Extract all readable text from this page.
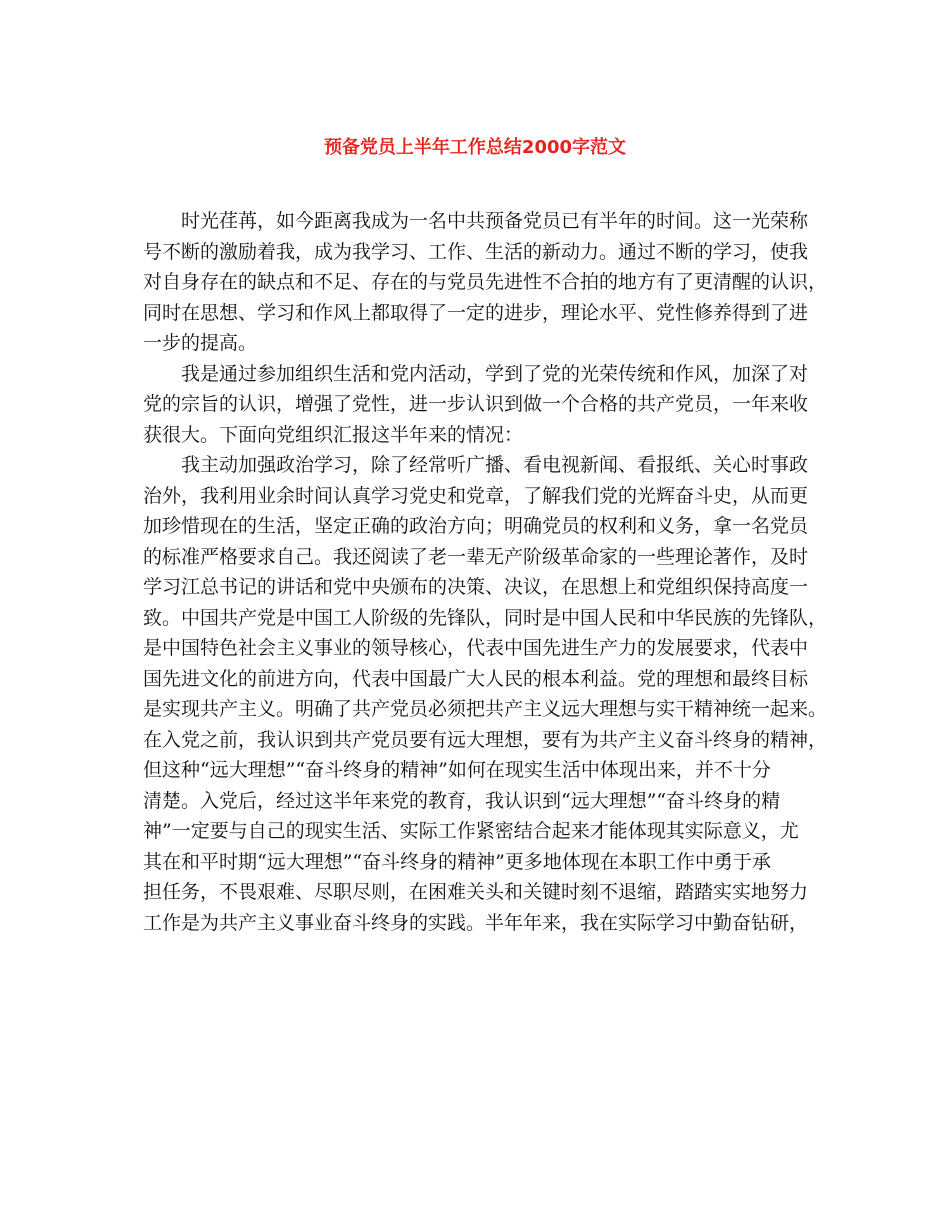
预备党员上半年工作总结2000字范文
时光荏苒，如今距离我成为一名中共预备党员已有半年的时间。这一光荣称
号不断的激励着我，成为我学习、工作、生活的新动力。通过不断的学习，使我
对自身存在的缺点和不足、存在的与党员先进性不合拍的地方有了更清醒的认识，
同时在思想、学习和作风上都取得了一定的进步，理论水平、党性修养得到了进
一步的提高。
我是通过参加组织生活和党内活动，学到了党的光荣传统和作风，加深了对
党的宗旨的认识，增强了党性，进一步认识到做一个合格的共产党员，一年来收
获很大。下面向党组织汇报这半年来的情况：
我主动加强政治学习，除了经常听广播、看电视新闻、看报纸、关心时事政
治外，我利用业余时间认真学习党史和党章，了解我们党的光辉奋斗史，从而更
加珍惜现在的生活，坚定正确的政治方向；明确党员的权利和义务，拿一名党员
的标准严格要求自己。我还阅读了老一辈无产阶级革命家的一些理论著作，及时
学习江总书记的讲话和党中央颁布的决策、决议，在思想上和党组织保持高度一
致。中国共产党是中国工人阶级的先锋队，同时是中国人民和中华民族的先锋队，
是中国特色社会主义事业的领导核心，代表中国先进生产力的发展要求，代表中
国先进文化的前进方向，代表中国最广大人民的根本利益。党的理想和最终目标
是实现共产主义。明确了共产党员必须把共产主义远大理想与实干精神统一起来。
在入党之前，我认识到共产党员要有远大理想，要有为共产主义奋斗终身的精神，
但这种“远大理想”“奋斗终身的精神”如何在现实生活中体现出来，并不十分
清楚。入党后，经过这半年来党的教育，我认识到“远大理想”“奋斗终身的精
神”一定要与自己的现实生活、实际工作紧密结合起来才能体现其实际意义，尤
其在和平时期“远大理想”“奋斗终身的精神”更多地体现在本职工作中勇于承
担任务，不畏艰难、尽职尽则，在困难关头和关键时刻不退缩，踏踏实实地努力
工作是为共产主义事业奋斗终身的实践。半年年来，我在实际学习中勤奋钻研，
